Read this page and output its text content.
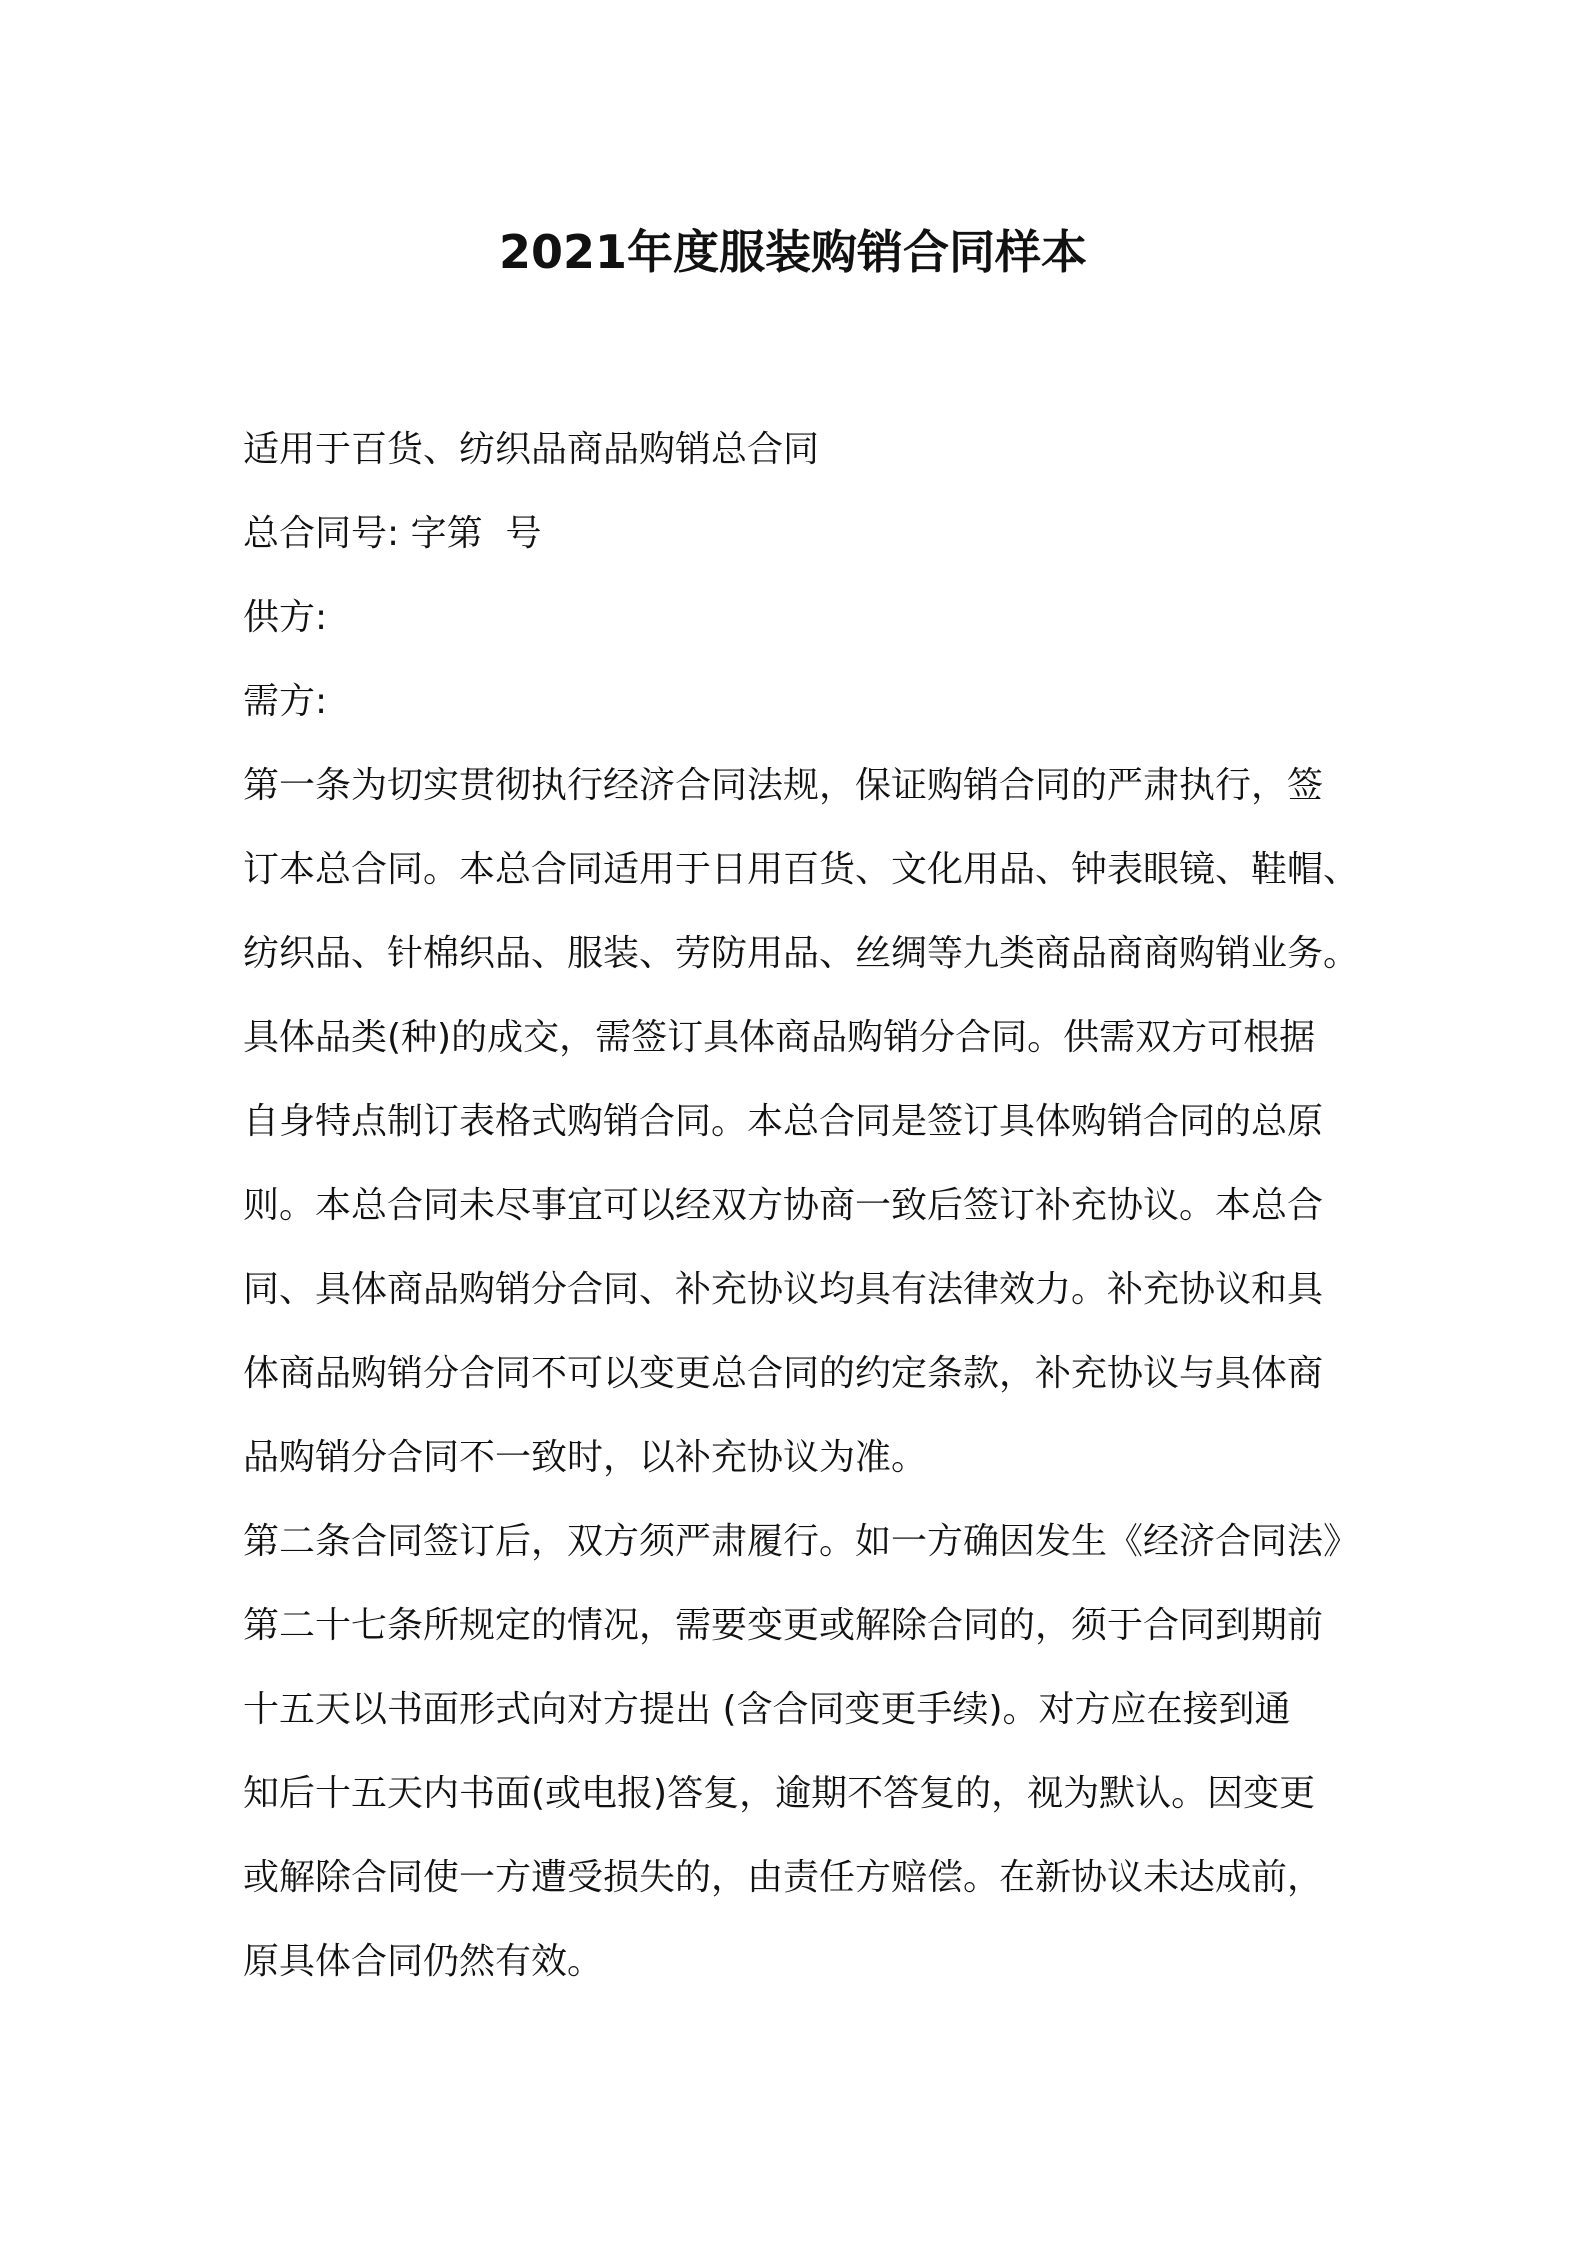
2021年度服装购销合同样本
适用于百货、纺织品商品购销总合同
总合同号: 字第  号
供方:
需方:
第一条为切实贯彻执行经济合同法规，保证购销合同的严肃执行，签
订本总合同。本总合同适用于日用百货、文化用品、钟表眼镜、鞋帽、
纺织品、针棉织品、服装、劳防用品、丝绸等九类商品商商购销业务。
具体品类(种)的成交，需签订具体商品购销分合同。供需双方可根据
自身特点制订表格式购销合同。本总合同是签订具体购销合同的总原
则。本总合同未尽事宜可以经双方协商一致后签订补充协议。本总合
同、具体商品购销分合同、补充协议均具有法律效力。补充协议和具
体商品购销分合同不可以变更总合同的约定条款，补充协议与具体商
品购销分合同不一致时，以补充协议为准。
第二条合同签订后，双方须严肃履行。如一方确因发生《经济合同法》
第二十七条所规定的情况，需要变更或解除合同的，须于合同到期前
十五天以书面形式向对方提出 (含合同变更手续)。对方应在接到通
知后十五天内书面(或电报)答复，逾期不答复的，视为默认。因变更
或解除合同使一方遭受损失的，由责任方赔偿。在新协议未达成前，
原具体合同仍然有效。
